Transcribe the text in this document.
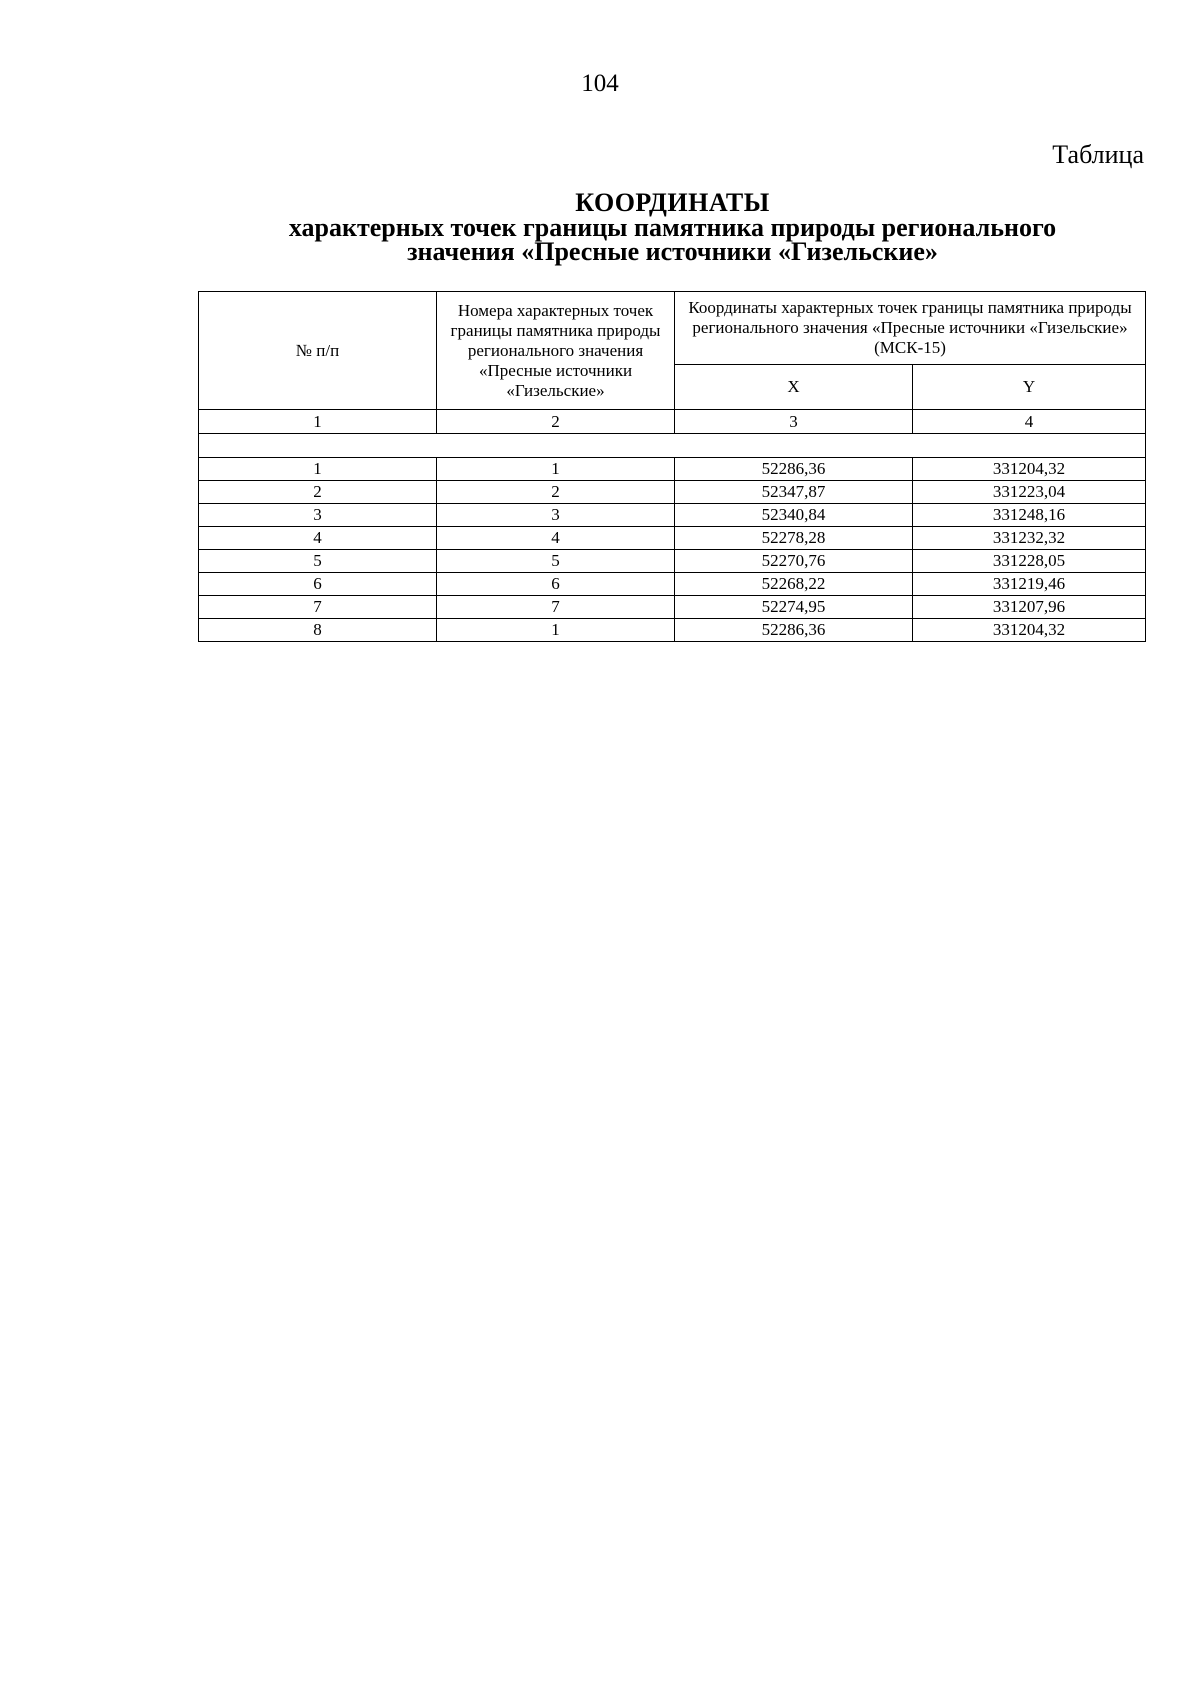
104
Таблица
КООРДИНАТЫ
характерных точек границы памятника природы регионального
значения «Пресные источники «Гизельские»
№ п/п	Номера характерных точек границы памятника природы регионального значения «Пресные источники «Гизельские»	Координаты характерных точек границы памятника природы регионального значения «Пресные источники «Гизельские» (МСК-15)	
		X	Y
1	2	3	4

1	1	52286,36	331204,32
2	2	52347,87	331223,04
3	3	52340,84	331248,16
4	4	52278,28	331232,32
5	5	52270,76	331228,05
6	6	52268,22	331219,46
7	7	52274,95	331207,96
8	1	52286,36	331204,32
